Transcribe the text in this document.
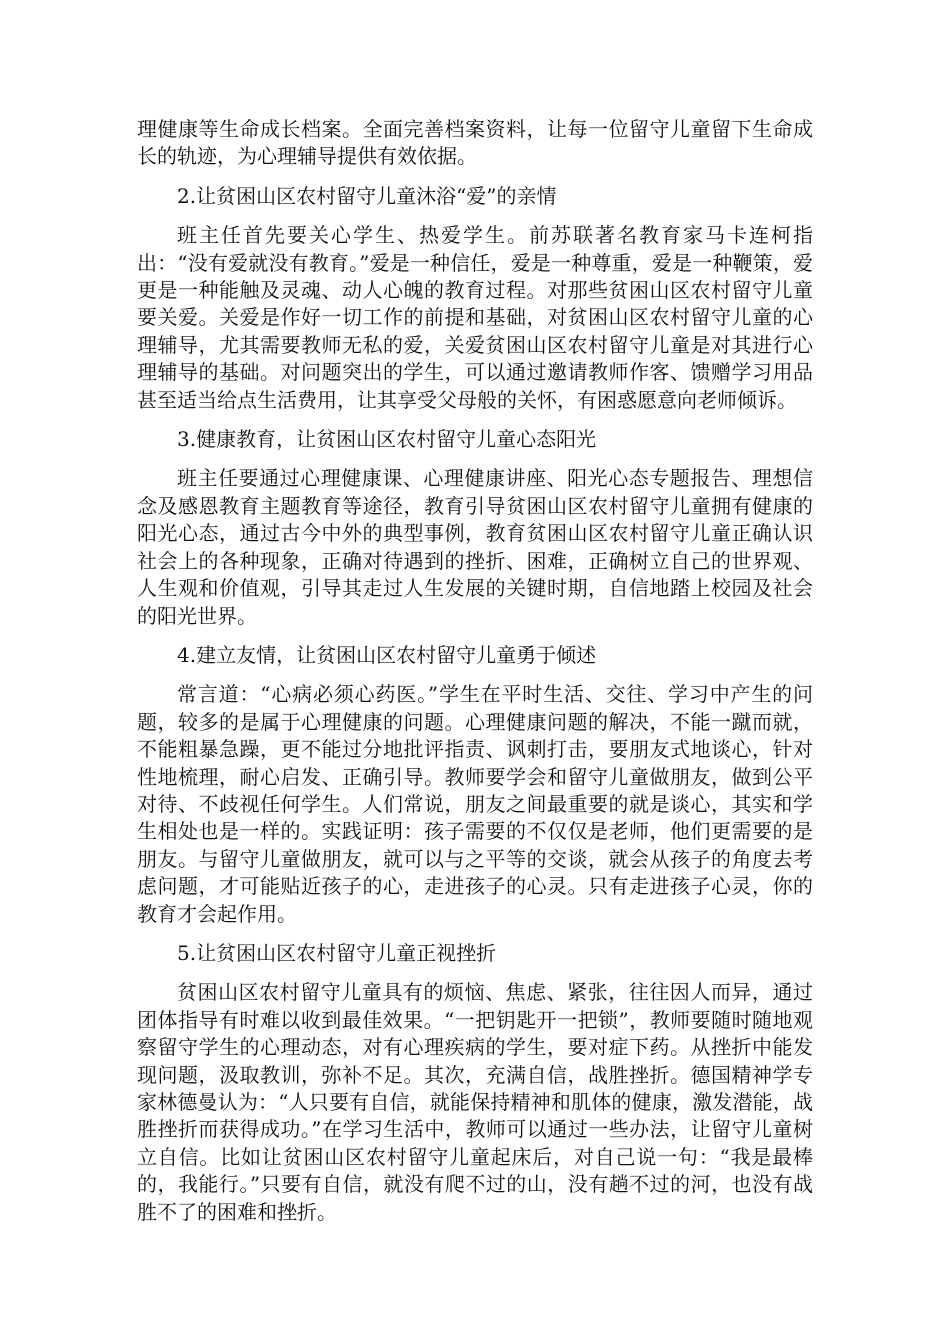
理健康等生命成长档案。全面完善档案资料，让每一位留守儿童留下生命成长的轨迹，为心理辅导提供有效依据。

2.让贫困山区农村留守儿童沐浴“爱”的亲情

班主任首先要关心学生、热爱学生。前苏联著名教育家马卡连柯指出：“没有爱就没有教育。”爱是一种信任，爱是一种尊重，爱是一种鞭策，爱更是一种能触及灵魂、动人心魄的教育过程。对那些贫困山区农村留守儿童要关爱。关爱是作好一切工作的前提和基础，对贫困山区农村留守儿童的心理辅导，尤其需要教师无私的爱，关爱贫困山区农村留守儿童是对其进行心理辅导的基础。对问题突出的学生，可以通过邀请教师作客、馈赠学习用品甚至适当给点生活费用，让其享受父母般的关怀，有困惑愿意向老师倾诉。

3.健康教育，让贫困山区农村留守儿童心态阳光

班主任要通过心理健康课、心理健康讲座、阳光心态专题报告、理想信念及感恩教育主题教育等途径，教育引导贫困山区农村留守儿童拥有健康的阳光心态，通过古今中外的典型事例，教育贫困山区农村留守儿童正确认识社会上的各种现象，正确对待遇到的挫折、困难，正确树立自己的世界观、人生观和价值观，引导其走过人生发展的关键时期，自信地踏上校园及社会的阳光世界。

4.建立友情，让贫困山区农村留守儿童勇于倾述

常言道：“心病必须心药医。”学生在平时生活、交往、学习中产生的问题，较多的是属于心理健康的问题。心理健康问题的解决，不能一蹴而就，不能粗暴急躁，更不能过分地批评指责、讽刺打击，要朋友式地谈心，针对性地梳理，耐心启发、正确引导。教师要学会和留守儿童做朋友，做到公平对待、不歧视任何学生。人们常说，朋友之间最重要的就是谈心，其实和学生相处也是一样的。实践证明：孩子需要的不仅仅是老师，他们更需要的是朋友。与留守儿童做朋友，就可以与之平等的交谈，就会从孩子的角度去考虑问题，才可能贴近孩子的心，走进孩子的心灵。只有走进孩子心灵，你的教育才会起作用。

5.让贫困山区农村留守儿童正视挫折

贫困山区农村留守儿童具有的烦恼、焦虑、紧张，往往因人而异，通过团体指导有时难以收到最佳效果。“一把钥匙开一把锁”，教师要随时随地观察留守学生的心理动态，对有心理疾病的学生，要对症下药。从挫折中能发现问题，汲取教训，弥补不足。其次，充满自信，战胜挫折。德国精神学专家林德曼认为：“人只要有自信，就能保持精神和肌体的健康，激发潜能，战胜挫折而获得成功。”在学习生活中，教师可以通过一些办法，让留守儿童树立自信。比如让贫困山区农村留守儿童起床后，对自己说一句：“我是最棒的，我能行。”只要有自信，就没有爬不过的山，没有趟不过的河，也没有战胜不了的困难和挫折。
